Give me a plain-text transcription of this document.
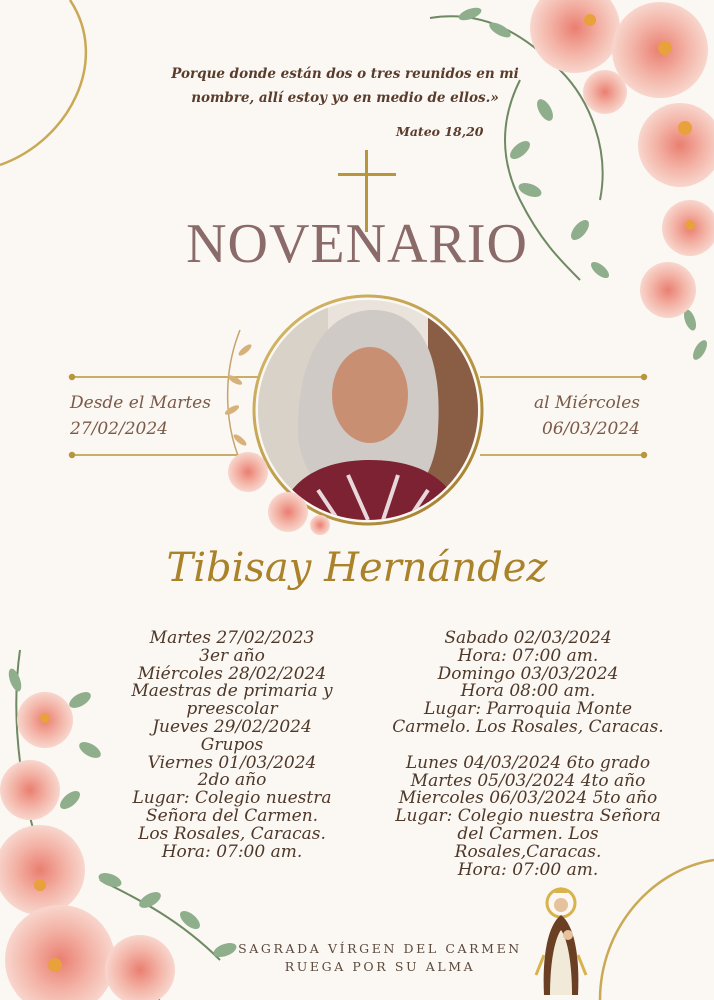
Porque donde están dos o tres reunidos en mi
nombre, allí estoy yo en medio de ellos.»
Mateo 18,20
NOVENARIO
Desde el Martes
27/02/2024
al Miércoles
06/03/2024
Tibisay Hernández
Martes 27/02/2023
3er año
Miércoles 28/02/2024
Maestras de primaria y
preescolar
Jueves 29/02/2024
Grupos
Viernes 01/03/2024
2do año
Lugar: Colegio nuestra
Señora del Carmen.
Los Rosales, Caracas.
Hora: 07:00 am.
Sabado 02/03/2024
Hora: 07:00 am.
Domingo 03/03/2024
Hora 08:00 am.
Lugar: Parroquia Monte
Carmelo. Los Rosales, Caracas.
Lunes 04/03/2024 6to grado
Martes 05/03/2024 4to año
Miercoles 06/03/2024 5to año
Lugar: Colegio nuestra Señora
del Carmen. Los
Rosales,Caracas.
Hora: 07:00 am.
SAGRADA VÍRGEN DEL CARMEN
RUEGA POR SU ALMA
